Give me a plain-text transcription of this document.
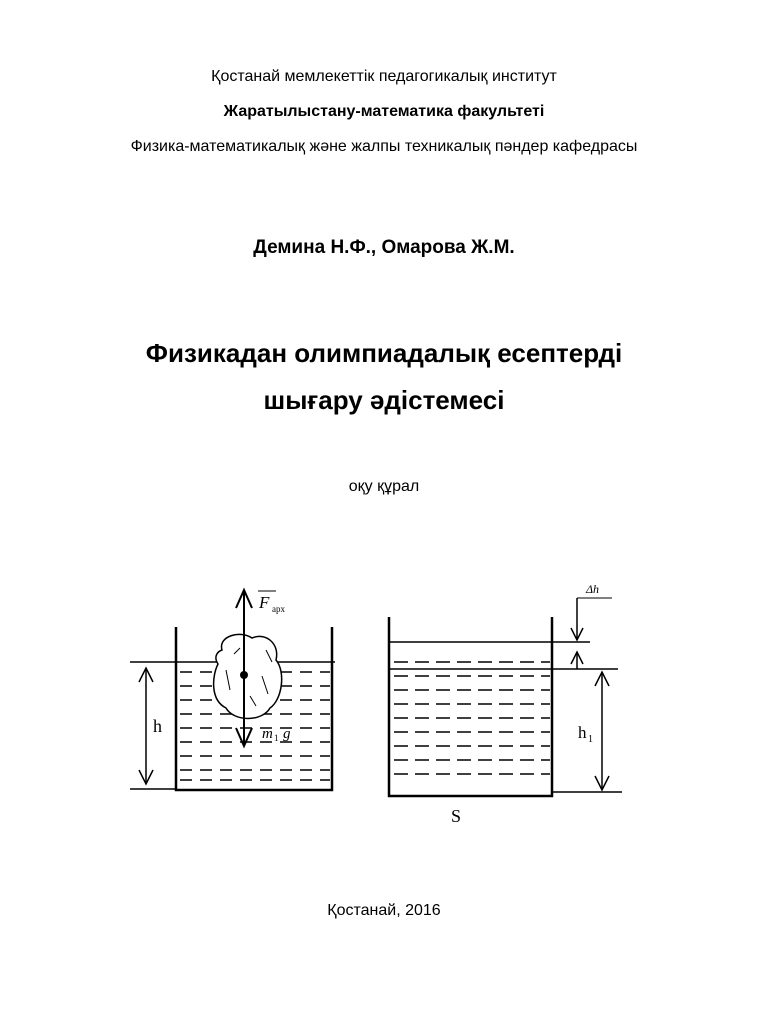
Қостанай мемлекеттік педагогикалық институт
Жаратылыстану-математика факультеті
Физика-математикалық және жалпы техникалық пәндер кафедрасы
Демина Н.Ф., Омарова Ж.М.
Физикадан олимпиадалық есептерді
шығару әдістемесі
оқу құрал
h
F арх
m 1 g
Δh
h 1
S
Қостанай, 2016
